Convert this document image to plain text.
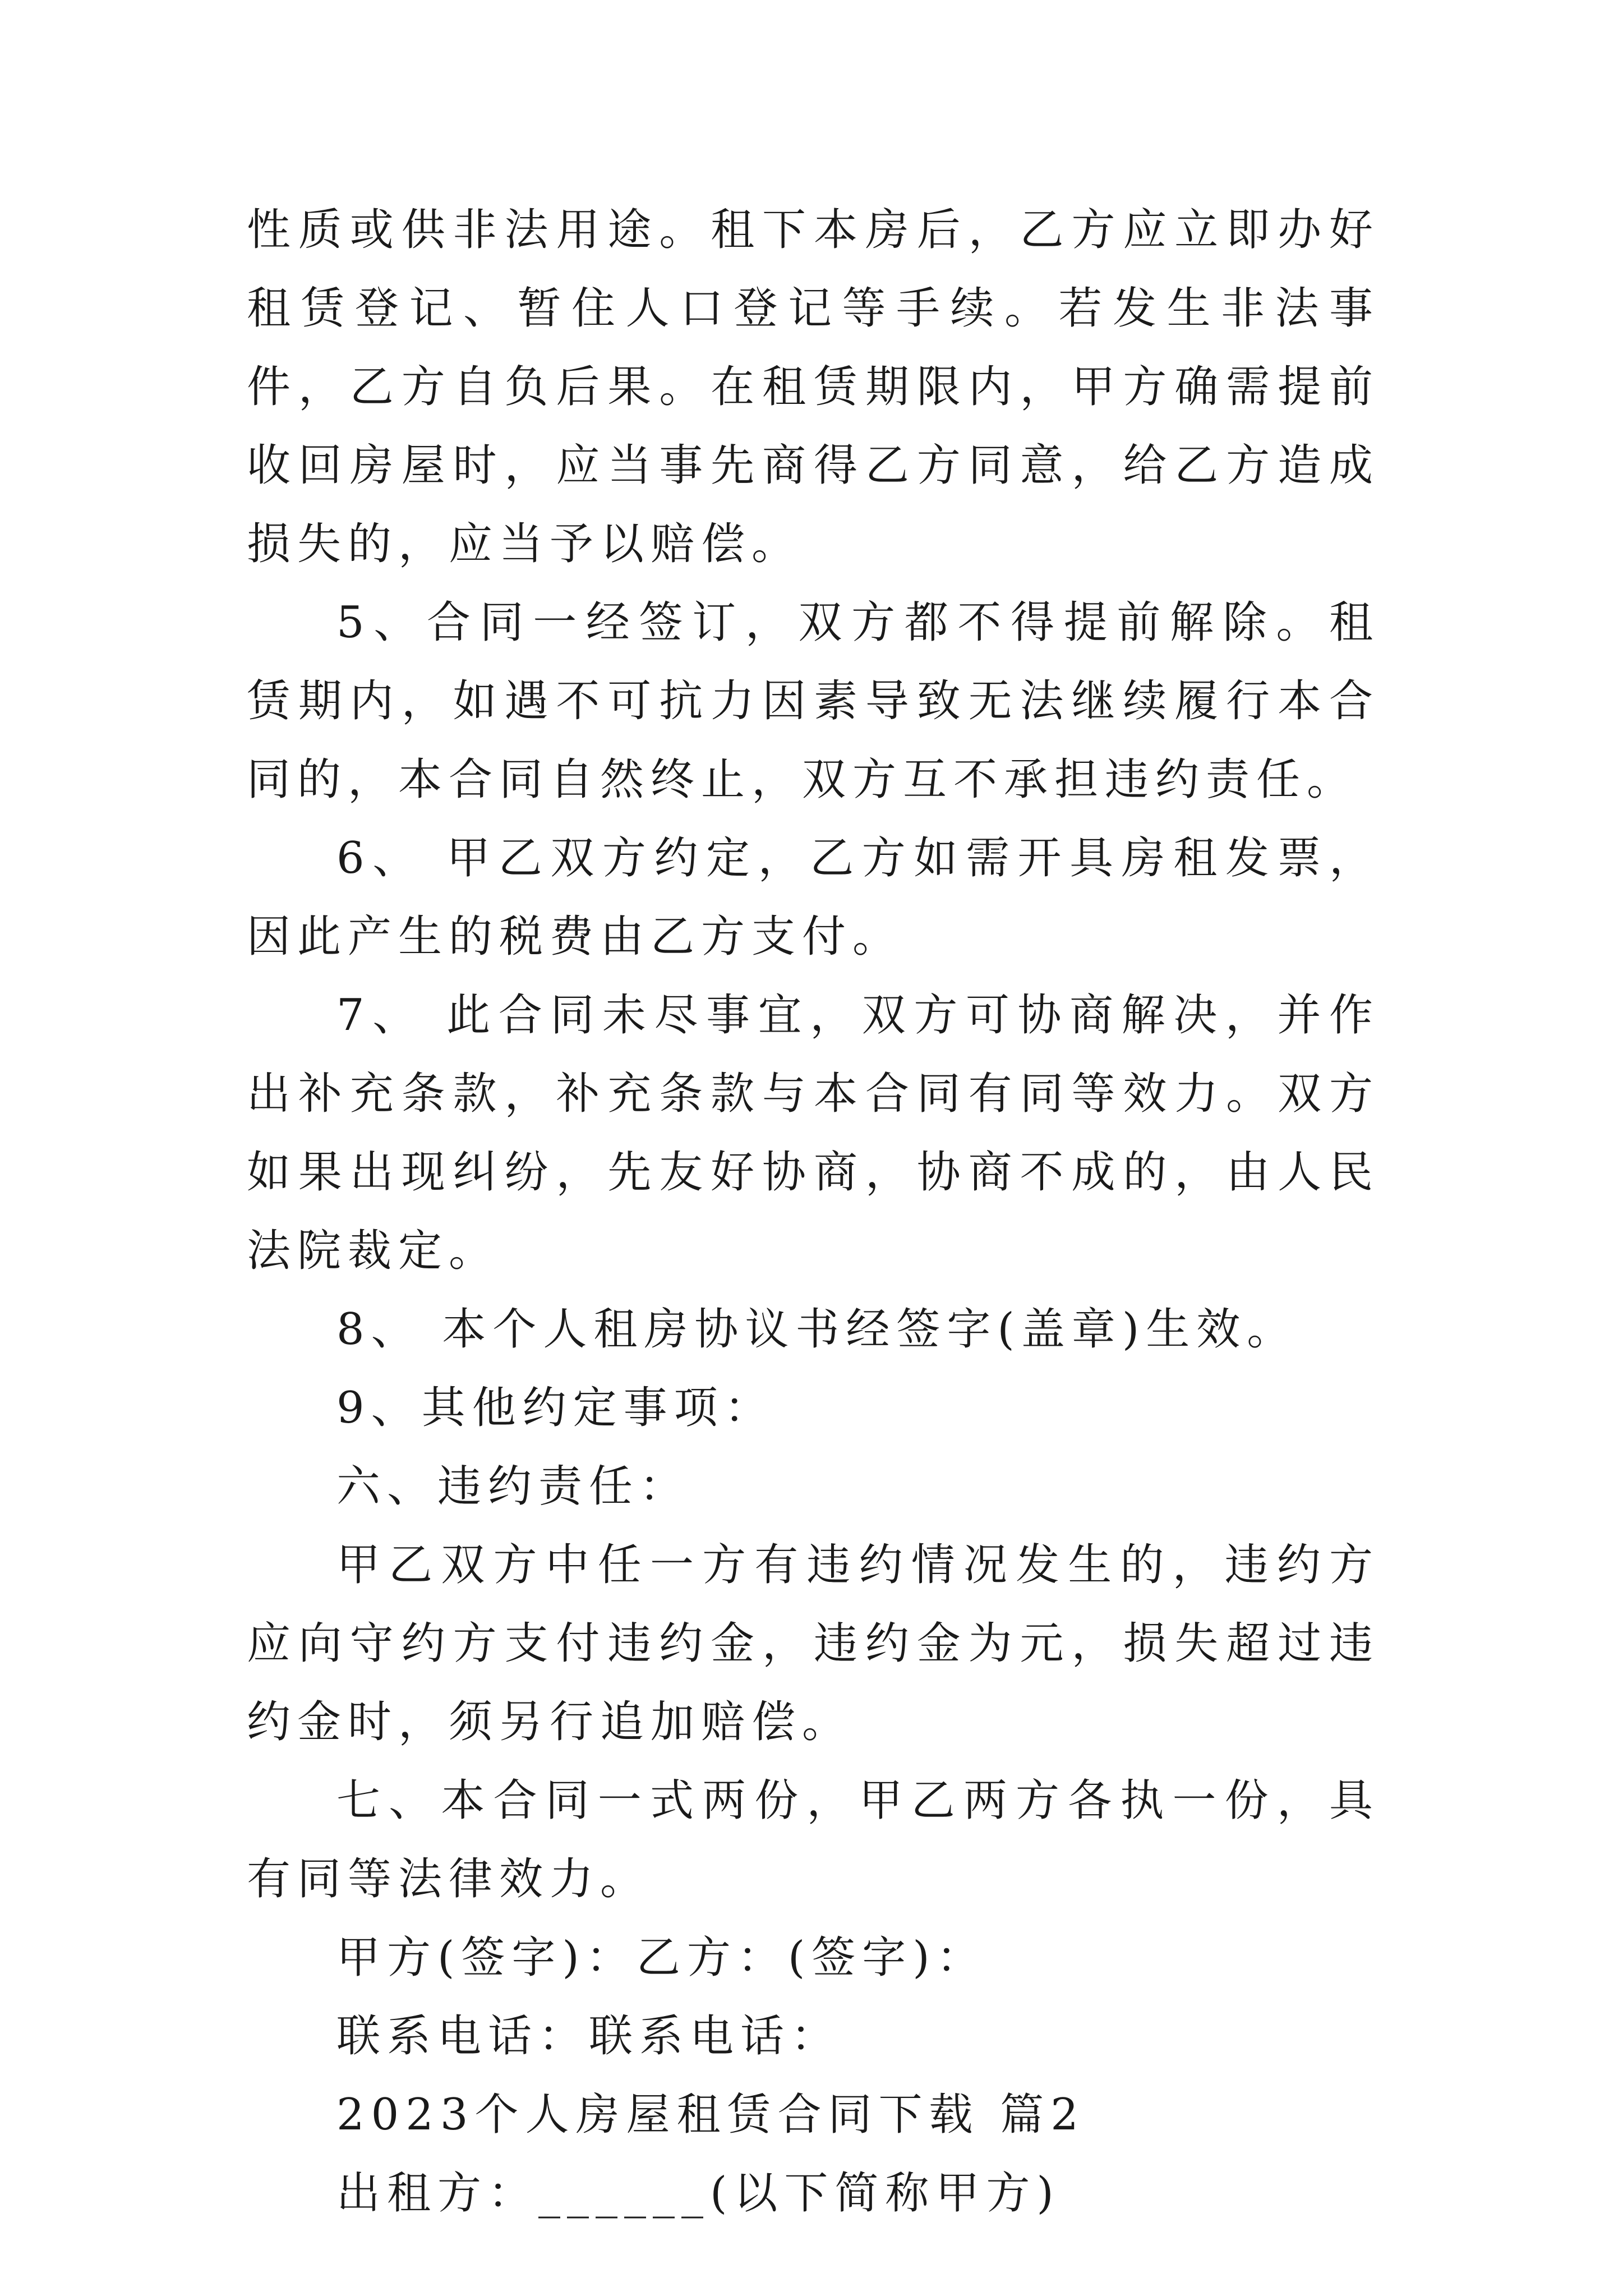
性质或供非法用途。租下本房后，乙方应立即办好租赁登记、暂住人口登记等手续。若发生非法事件，乙方自负后果。在租赁期限内，甲方确需提前收回房屋时，应当事先商得乙方同意，给乙方造成损失的，应当予以赔偿。

5、合同一经签订，双方都不得提前解除。租赁期内，如遇不可抗力因素导致无法继续履行本合同的，本合同自然终止，双方互不承担违约责任。

6、 甲乙双方约定，乙方如需开具房租发票，因此产生的税费由乙方支付。

7、 此合同未尽事宜，双方可协商解决，并作出补充条款，补充条款与本合同有同等效力。双方如果出现纠纷，先友好协商，协商不成的，由人民法院裁定。

8、 本个人租房协议书经签字(盖章)生效。

9、其他约定事项：

六、违约责任：

甲乙双方中任一方有违约情况发生的，违约方应向守约方支付违约金，违约金为元，损失超过违约金时，须另行追加赔偿。

七、本合同一式两份，甲乙两方各执一份，具有同等法律效力。

甲方(签字)：乙方：(签字)：

联系电话：联系电话：

2023个人房屋租赁合同下载 篇2

出租方：______(以下简称甲方)
